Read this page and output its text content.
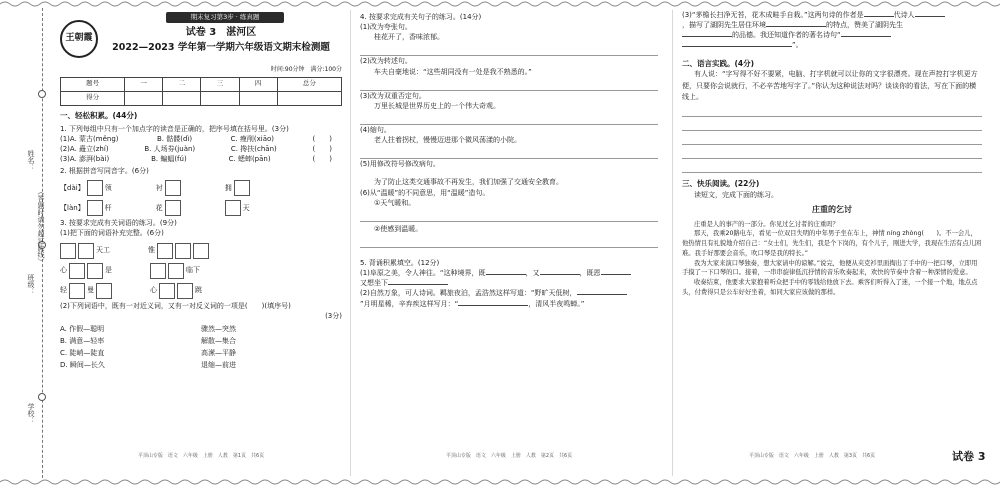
姓名：
（答题时请勿超过此线）
班级：
学校：
王朝霞
期末复习第3步 · 练真题
试卷 3　湛河区
2022—2023 学年第一学期六年级语文期末检测题
时间:90分钟　满分:100分
题号	一	二	三	四	总分
得分					
一、轻松积累。(44分)
1. 下列每组中只有一个加点字的读音是正确的，把序号填在括号里。(3分)
(1)A. 蒙古(měng)	B. 骷髅(dì)	C. 瘦削(xiāo)	(　　)
(2)A. 矗立(zhí)	B. 人场券(juàn)	C. 搀扶(chān)	(　　)
(3)A. 澎湃(bài)	B. 蝙蝠(fú)	C. 蟋蟀(pān)	(　　)
2. 根据拼音写同音字。(6分)
【dài】	领	衬	拥
【làn】	杆	花	天
3. 按要求完成有关词语的练习。(9分)
(1)把下面的词语补充完整。(6分)
天工	惟
心	是	临下
轻	曼	心	跳
(2)下列词语中，既有一对近义词，又有一对反义词的一项是(　　)(填序号)
(3分)
A. 作假—聪明	骤然—突然
B. 满意—轻率	解散—集合
C. 陡峭—陡直	高潆—平静
D. 瞬间—长久	退缩—前进
平顶山专版　语文　六年级　上册　人教　第1页　共6页
4. 按要求完成有关句子的练习。(14分)
(1)改为夸张句。
桂花开了，香味浓郁。
(2)改为转述句。
车夫自豪地说：“这些胡同没有一处是我不熟悉的。”
(3)改为双重否定句。
万里长城是世界历史上的一个伟大奇观。
(4)缩句。
老人拄着拐杖，慢慢迈进那个微风荡漾的小院。
(5)用修改符号修改病句。
为了防止这类交通事故不再发生，我们加强了交通安全教育。
(6)从“温暖”的不同意思，用“温暖”造句。
①天气暖和。
②使感到温暖。
5. 背诵积累填空。(12分)
(1)阜原之美，令人神往。“这种境界，既	，又	，既恩
又想坐下
(2)自然万象，可人诗词。羁旅夜泊，孟浩然这样写道：“野旷天低树，
”月明星稀，辛弃疾这样写月：“	，清风半夜鸣蝉。”
平顶山专版　语文　六年级　上册　人教　第2页　共6页
(3)“茅檐长扫净无苔，花木成畦手自栽。”这两句诗的作者是	代诗人
，描写了湖阴先生居住环境	的特点，赞美了湖阴先生
的品德。我还知道作者的著名诗句“
”。
二、语言实践。(4分)
有人说：“字写得不好不要紧，电脑、打字机就可以让你的文字很漂亮。现在声控打字机更方便，只要你会说就行，不必辛苦地写字了。”你认为这种说法对吗？谈谈你的看法，写在下面的横线上。
三、快乐阅读。(22分)
读短文，完成下面的练习。
庄重的乞讨
庄重是人的事产的一部分。你见过乞讨者的庄重吗？
那天，我乘20路电车，看见一位双目失明的中年男子坐在车上，神情 níng zhòng(　　)。不一会儿，他热情且有礼貌地介绍自己：“女士们，先生们，我是个下岗的，有个儿子，刚进大学，我现在生活有点儿困难。我手好那要会音乐，吹口琴是我的特长。”
我为大家来演口琴独奏，想大家请中的谅解。”说完，他便从夹克衫里面掏出了手中的一把口琴，立即用手摸了一下口琴的口。接着，一串串旋律低沉抒情的音乐吹奏起来，欢快的节奏中含着一种深情的爱意。
收奏结束，他要求大家抱着听众把手中的零钱给他放下去。乘客们听得入了迷，一个接一个地，地点点头，付费得只是公车好好坐着，如同大家应该做的那样。
平顶山专版　语文　六年级　上册　人教　第3页　共6页	试卷 3
